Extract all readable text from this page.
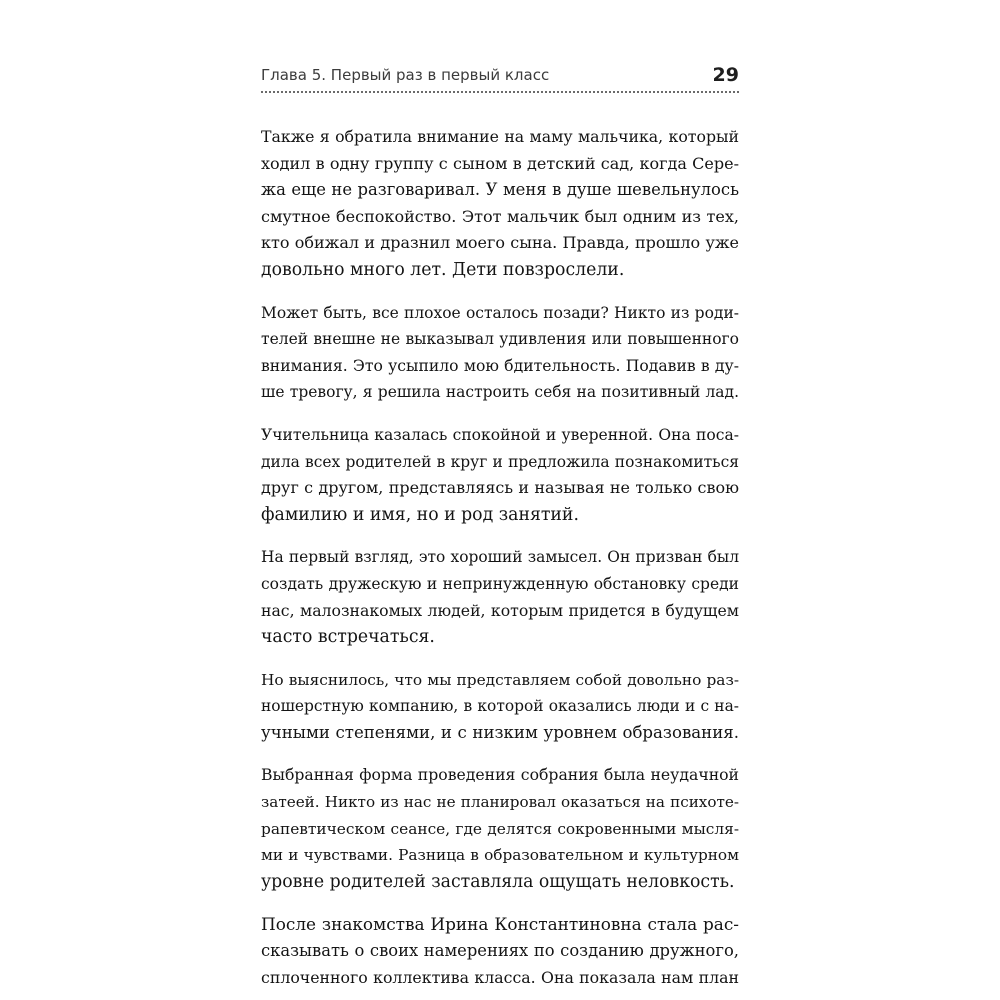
Глава 5. Первый раз в первый класс	29
Также я обратила внимание на маму мальчика, который
ходил в одну группу с сыном в детский сад, когда Сере-
жа еще не разговаривал. У меня в душе шевельнулось
смутное беспокойство. Этот мальчик был одним из тех,
кто обижал и дразнил моего сына. Правда, прошло уже
довольно много лет. Дети повзрослели.
Может быть, все плохое осталось позади? Никто из роди-
телей внешне не выказывал удивления или повышенного
внимания. Это усыпило мою бдительность. Подавив в ду-
ше тревогу, я решила настроить себя на позитивный лад.
Учительница казалась спокойной и уверенной. Она поса-
дила всех родителей в круг и предложила познакомиться
друг с другом, представляясь и называя не только свою
фамилию и имя, но и род занятий.
На первый взгляд, это хороший замысел. Он призван был
создать дружескую и непринужденную обстановку среди
нас, малознакомых людей, которым придется в будущем
часто встречаться.
Но выяснилось, что мы представляем собой довольно раз-
ношерстную компанию, в которой оказались люди и с на-
учными степенями, и с низким уровнем образования.
Выбранная форма проведения собрания была неудачной
затеей. Никто из нас не планировал оказаться на психоте-
рапевтическом сеансе, где делятся сокровенными мысля-
ми и чувствами. Разница в образовательном и культурном
уровне родителей заставляла ощущать неловкость.
После знакомства Ирина Константиновна стала рас-
сказывать о своих намерениях по созданию дружного,
сплоченного коллектива класса. Она показала нам план
